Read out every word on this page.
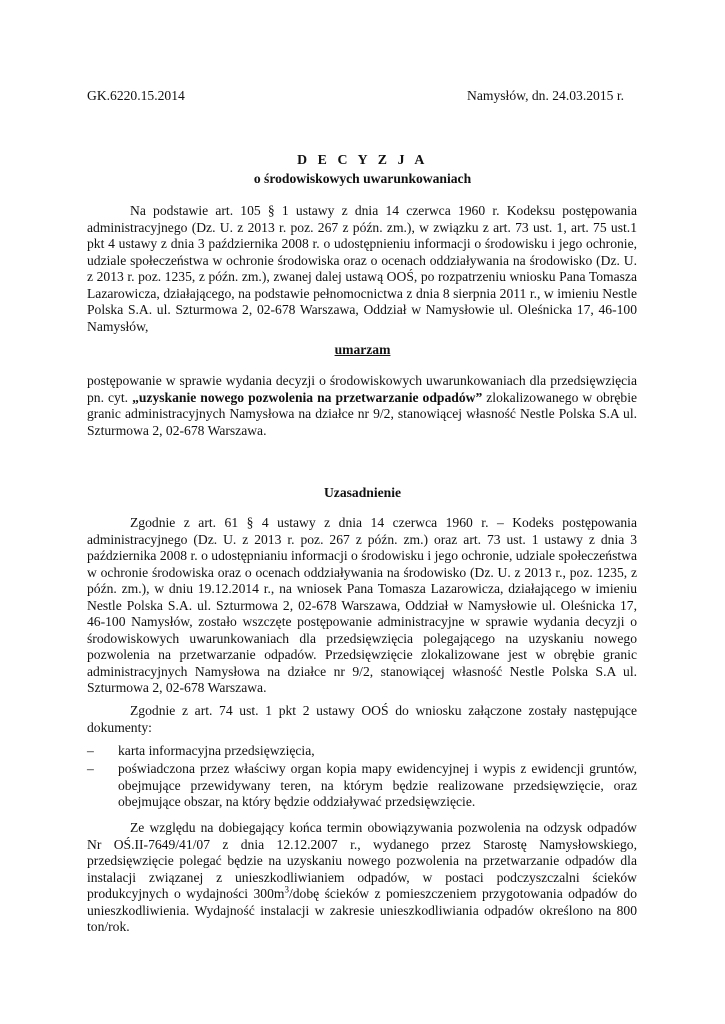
GK.6220.15.2014	Namysłów, dn. 24.03.2015 r.
D E C Y Z J A
o środowiskowych uwarunkowaniach
Na podstawie art. 105 § 1 ustawy z dnia 14 czerwca 1960 r. Kodeksu postępowania administracyjnego (Dz. U. z 2013 r. poz. 267 z późn. zm.), w związku z art. 73 ust. 1, art. 75 ust.1 pkt 4 ustawy z dnia 3 października 2008 r. o udostępnieniu informacji o środowisku i jego ochronie, udziale społeczeństwa w ochronie środowiska oraz o ocenach oddziaływania na środowisko (Dz. U. z 2013 r. poz. 1235, z późn. zm.), zwanej dalej ustawą OOŚ, po rozpatrzeniu wniosku Pana Tomasza Lazarowicza, działającego, na podstawie pełnomocnictwa z dnia 8 sierpnia 2011 r., w imieniu Nestle Polska S.A. ul. Szturmowa 2, 02-678 Warszawa, Oddział w Namysłowie ul. Oleśnicka 17, 46-100 Namysłów,
umarzam
postępowanie w sprawie wydania decyzji o środowiskowych uwarunkowaniach dla przedsięwzięcia pn. cyt. „uzyskanie nowego pozwolenia na przetwarzanie odpadów” zlokalizowanego w obrębie granic administracyjnych Namysłowa na działce nr 9/2, stanowiącej własność Nestle Polska S.A ul. Szturmowa 2, 02-678 Warszawa.
Uzasadnienie
Zgodnie z art. 61 § 4 ustawy z dnia 14 czerwca 1960 r. – Kodeks postępowania administracyjnego (Dz. U. z 2013 r. poz. 267 z późn. zm.) oraz art. 73 ust. 1 ustawy z dnia 3 października 2008 r. o udostępnianiu informacji o środowisku i jego ochronie, udziale społeczeństwa w ochronie środowiska oraz o ocenach oddziaływania na środowisko (Dz. U. z 2013 r., poz. 1235, z późn. zm.), w dniu 19.12.2014 r., na wniosek Pana Tomasza Lazarowicza, działającego w imieniu Nestle Polska S.A. ul. Szturmowa 2, 02-678 Warszawa, Oddział w Namysłowie ul. Oleśnicka 17, 46-100 Namysłów, zostało wszczęte postępowanie administracyjne w sprawie wydania decyzji o środowiskowych uwarunkowaniach dla przedsięwzięcia polegającego na uzyskaniu nowego pozwolenia na przetwarzanie odpadów. Przedsięwzięcie zlokalizowane jest w obrębie granic administracyjnych Namysłowa na działce nr 9/2, stanowiącej własność Nestle Polska S.A ul. Szturmowa 2, 02-678 Warszawa.
Zgodnie z art. 74 ust. 1 pkt 2 ustawy OOŚ do wniosku załączone zostały następujące dokumenty:
– karta informacyjna przedsięwzięcia,
– poświadczona przez właściwy organ kopia mapy ewidencyjnej i wypis z ewidencji gruntów, obejmujące przewidywany teren, na którym będzie realizowane przedsięwzięcie, oraz obejmujące obszar, na który będzie oddziaływać przedsięwzięcie.
Ze względu na dobiegający końca termin obowiązywania pozwolenia na odzysk odpadów Nr OŚ.II-7649/41/07 z dnia 12.12.2007 r., wydanego przez Starostę Namysłowskiego, przedsięwzięcie polegać będzie na uzyskaniu nowego pozwolenia na przetwarzanie odpadów dla instalacji związanej z unieszkodliwianiem odpadów, w postaci podczyszczalni ścieków produkcyjnych o wydajności $300m^3$/dobę ścieków z pomieszczeniem przygotowania odpadów do unieszkodliwienia. Wydajność instalacji w zakresie unieszkodliwiania odpadów określono na 800 ton/rok.
